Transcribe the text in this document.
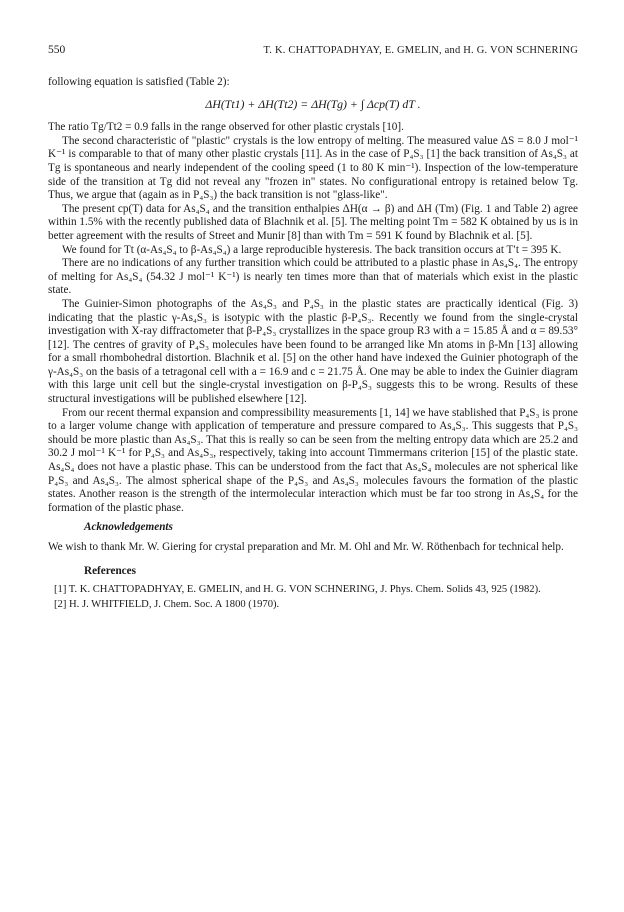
550	T. K. CHATTOPADHYAY, E. GMELIN, and H. G. VON SCHNERING

following equation is satisfied (Table 2):

ΔH(Tt1) + ΔH(Tt2) = ΔH(Tg) + ∫ Δcp(T) dT .

The ratio Tg/Tt2 = 0.9 falls in the range observed for other plastic crystals [10].

The second characteristic of "plastic" crystals is the low entropy of melting. The measured value ΔS = 8.0 J mol⁻¹ K⁻¹ is comparable to that of many other plastic crystals [11]. As in the case of P₄S₃ [1] the back transition of As₄S₃ at Tg is spontaneous and nearly independent of the cooling speed (1 to 80 K min⁻¹). Inspection of the low-temperature side of the transition at Tg did not reveal any "frozen in" states. No configurational entropy is retained below Tg. Thus, we argue that (again as in P₄S₃) the back transition is not "glass-like".

The present cp(T) data for As₄S₄ and the transition enthalpies ΔH(α → β) and ΔH (Tm) (Fig. 1 and Table 2) agree within 1.5% with the recently published data of Blachnik et al. [5]. The melting point Tm = 582 K obtained by us is in better agreement with the results of Street and Munir [8] than with Tm = 591 K found by Blachnik et al. [5].

We found for Tt (α-As₄S₄ to β-As₄S₄) a large reproducible hysteresis. The back transition occurs at T′t = 395 K.

There are no indications of any further transition which could be attributed to a plastic phase in As₄S₄. The entropy of melting for As₄S₄ (54.32 J mol⁻¹ K⁻¹) is nearly ten times more than that of materials which exist in the plastic state.

The Guinier-Simon photographs of the As₄S₃ and P₄S₃ in the plastic states are practically identical (Fig. 3) indicating that the plastic γ-As₄S₃ is isotypic with the plastic β-P₄S₃. Recently we found from the single-crystal investigation with X-ray diffractometer that β-P₄S₃ crystallizes in the space group R3 with a = 15.85 Å and α = 89.53° [12]. The centres of gravity of P₄S₃ molecules have been found to be arranged like Mn atoms in β-Mn [13] allowing for a small rhombohedral distortion. Blachnik et al. [5] on the other hand have indexed the Guinier photograph of the γ-As₄S₃ on the basis of a tetragonal cell with a = 16.9 and c = 21.75 Å. One may be able to index the Guinier diagram with this large unit cell but the single-crystal investigation on β-P₄S₃ suggests this to be wrong. Results of these structural investigations will be published elsewhere [12].

From our recent thermal expansion and compressibility measurements [1, 14] we have stablished that P₄S₃ is prone to a larger volume change with application of temperature and pressure compared to As₄S₃. This suggests that P₄S₃ should be more plastic than As₄S₃. That this is really so can be seen from the melting entropy data which are 25.2 and 30.2 J mol⁻¹ K⁻¹ for P₄S₃ and As₄S₃, respectively, taking into account Timmermans criterion [15] of the plastic state. As₄S₄ does not have a plastic phase. This can be understood from the fact that As₄S₄ molecules are not spherical like P₄S₃ and As₄S₃. The almost spherical shape of the P₄S₃ and As₄S₃ molecules favours the formation of the plastic states. Another reason is the strength of the intermolecular interaction which must be far too strong in As₄S₄ for the formation of the plastic phase.

Acknowledgements

We wish to thank Mr. W. Giering for crystal preparation and Mr. M. Ohl and Mr. W. Röthenbach for technical help.

References
[1] T. K. CHATTOPADHYAY, E. GMELIN, and H. G. VON SCHNERING, J. Phys. Chem. Solids 43, 925 (1982).
[2] H. J. WHITFIELD, J. Chem. Soc. A 1800 (1970).
